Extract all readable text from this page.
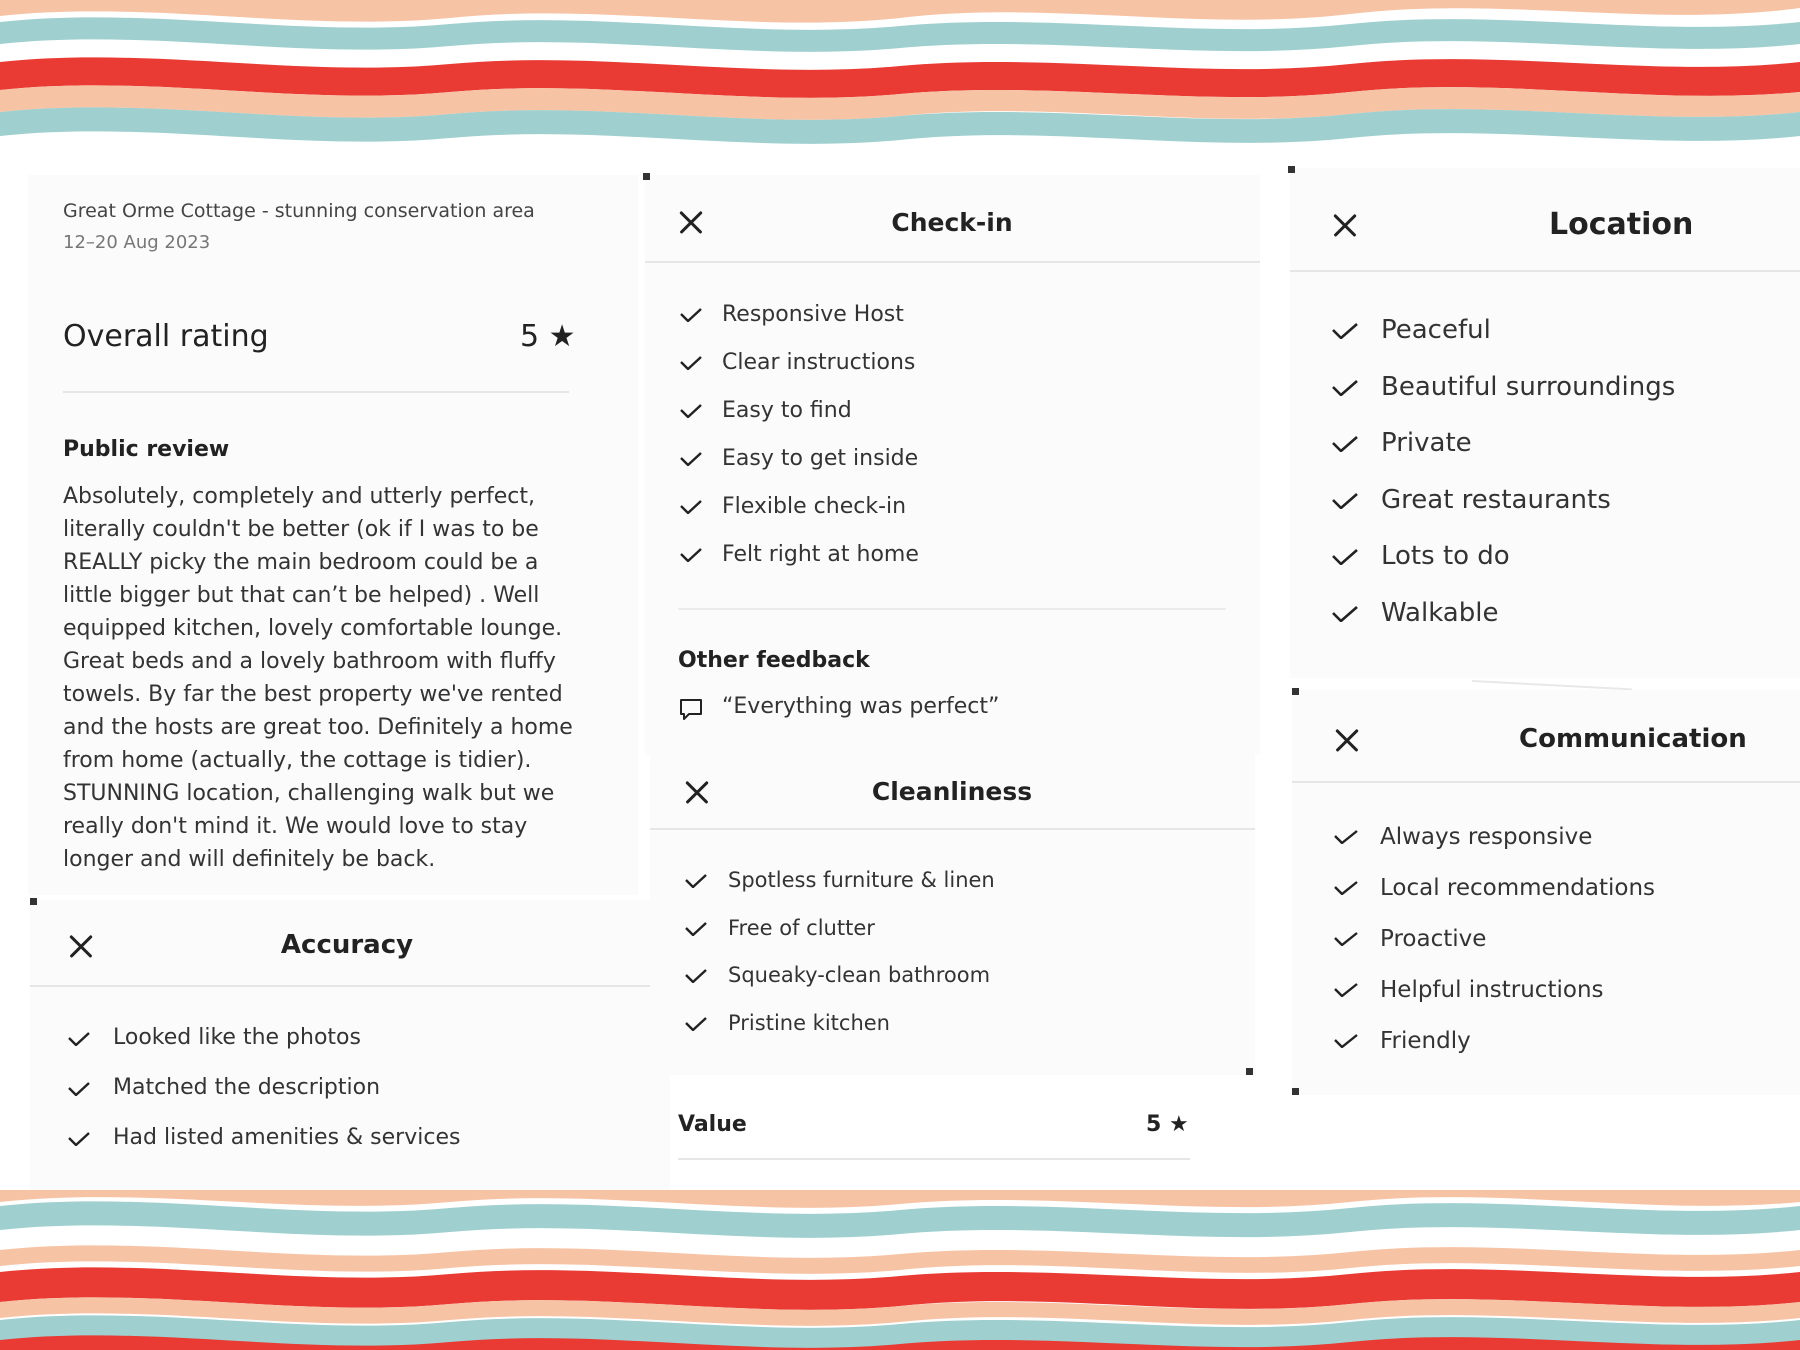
Great Orme Cottage - stunning conservation area
12–20 Aug 2023
Overall rating	5 ★
Public review
Absolutely, completely and utterly perfect, literally couldn't be better (ok if I was to be REALLY picky the main bedroom could be a little bigger but that can’t be helped) . Well equipped kitchen, lovely comfortable lounge. Great beds and a lovely bathroom with fluffy towels. By far the best property we've rented and the hosts are great too. Definitely a home from home (actually, the cottage is tidier). STUNNING location, challenging walk but we really don't mind it. We would love to stay longer and will definitely be back.
Accuracy
Looked like the photos
Matched the description
Had listed amenities & services
Check-in
Responsive Host
Clear instructions
Easy to find
Easy to get inside
Flexible check-in
Felt right at home
Other feedback
“Everything was perfect”
Cleanliness
Spotless furniture & linen
Free of clutter
Squeaky-clean bathroom
Pristine kitchen
Value	5 ★
Location
Peaceful
Beautiful surroundings
Private
Great restaurants
Lots to do
Walkable
Communication
Always responsive
Local recommendations
Proactive
Helpful instructions
Friendly
